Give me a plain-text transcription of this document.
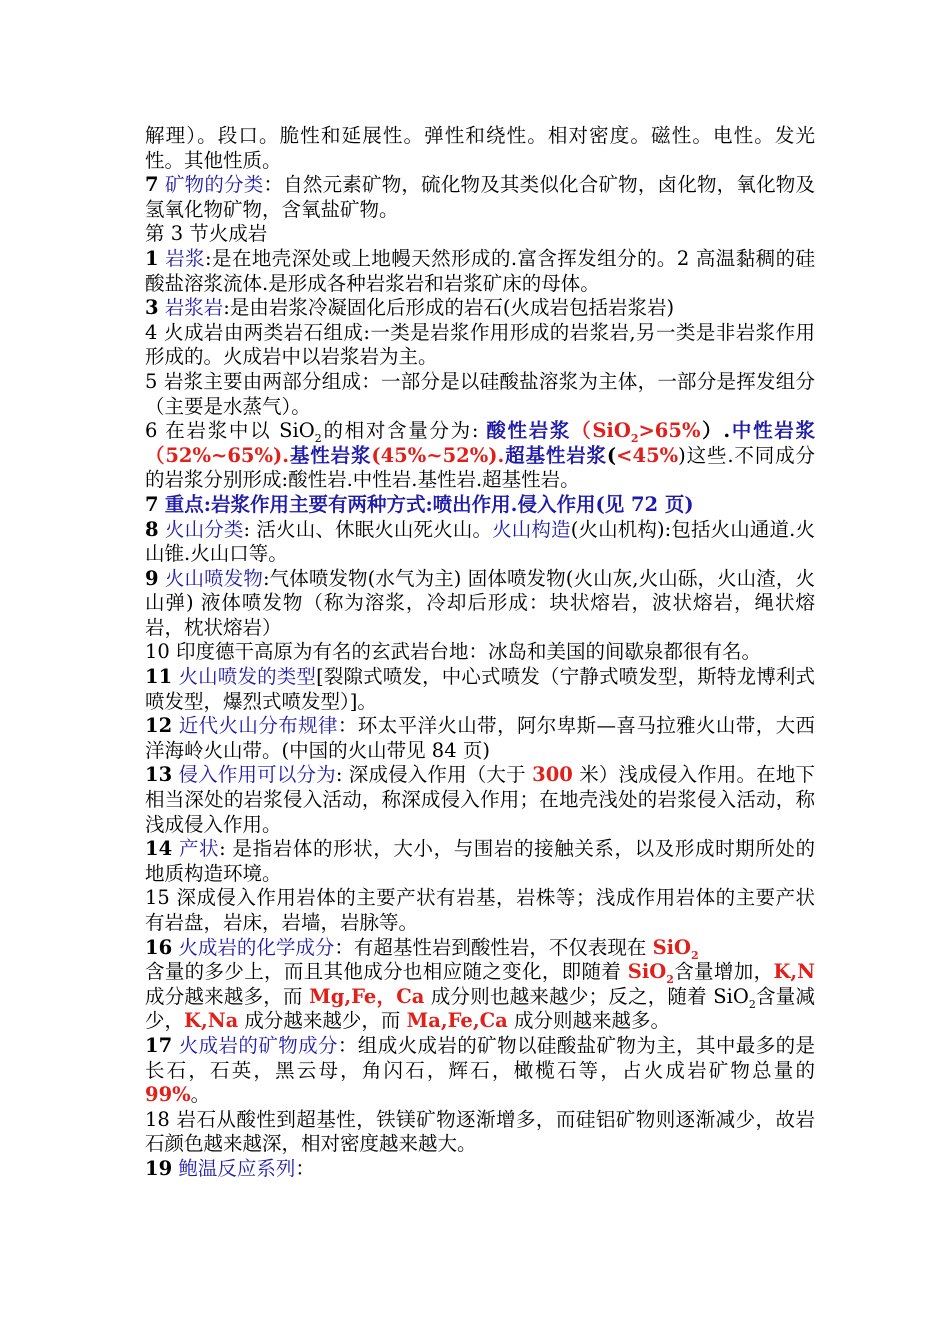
解理）。段口。脆性和延展性。弹性和绕性。相对密度。磁性。电性。发光性。其他性质。

7 矿物的分类：自然元素矿物，硫化物及其类似化合矿物，卤化物，氧化物及氢氧化物矿物，含氧盐矿物。

第 3 节火成岩

1 岩浆:是在地壳深处或上地幔天然形成的.富含挥发组分的。2 高温黏稠的硅酸盐溶浆流体.是形成各种岩浆岩和岩浆矿床的母体。

3 岩浆岩:是由岩浆冷凝固化后形成的岩石(火成岩包括岩浆岩)

4 火成岩由两类岩石组成:一类是岩浆作用形成的岩浆岩,另一类是非岩浆作用形成的。火成岩中以岩浆岩为主。

5 岩浆主要由两部分组成：一部分是以硅酸盐溶浆为主体，一部分是挥发组分（主要是水蒸气）。

6 在岩浆中以 SiO$_2$的相对含量分为: 酸性岩浆（SiO$_2$>65%）.中性岩浆（52%~65%).基性岩浆(45%~52%).超基性岩浆(<45%)这些.不同成分的岩浆分别形成:酸性岩.中性岩.基性岩.超基性岩。

7 重点:岩浆作用主要有两种方式:喷出作用.侵入作用(见 72 页)

8 火山分类: 活火山、休眠火山死火山。火山构造(火山机构):包括火山通道.火山锥.火山口等。

9 火山喷发物:气体喷发物(水气为主) 固体喷发物(火山灰,火山砾，火山渣，火山弹) 液体喷发物（称为溶浆，冷却后形成：块状熔岩，波状熔岩，绳状熔岩，枕状熔岩）

10 印度德干高原为有名的玄武岩台地：冰岛和美国的间歇泉都很有名。

11 火山喷发的类型[裂隙式喷发，中心式喷发（宁静式喷发型，斯特龙博利式喷发型，爆烈式喷发型）]。

12 近代火山分布规律：环太平洋火山带，阿尔卑斯—喜马拉雅火山带，大西洋海岭火山带。(中国的火山带见 84 页)

13 侵入作用可以分为: 深成侵入作用（大于 300 米）浅成侵入作用。在地下相当深处的岩浆侵入活动，称深成侵入作用；在地壳浅处的岩浆侵入活动，称浅成侵入作用。

14 产状: 是指岩体的形状，大小，与围岩的接触关系，以及形成时期所处的地质构造环境。

15 深成侵入作用岩体的主要产状有岩基，岩株等；浅成作用岩体的主要产状有岩盘，岩床，岩墙，岩脉等。

16 火成岩的化学成分：有超基性岩到酸性岩，不仅表现在 SiO$_2$
含量的多少上，而且其他成分也相应随之变化，即随着 SiO$_2$含量增加，K,N 成分越来越多，而 Mg,Fe，Ca 成分则也越来越少；反之，随着 SiO$_2$含量减少，K,Na 成分越来越少，而 Ma,Fe,Ca 成分则越来越多。

17 火成岩的矿物成分：组成火成岩的矿物以硅酸盐矿物为主，其中最多的是长石，石英，黑云母，角闪石，辉石，橄榄石等，占火成岩矿物总量的 99%。

18 岩石从酸性到超基性，铁镁矿物逐渐增多，而硅铝矿物则逐渐减少，故岩石颜色越来越深，相对密度越来越大。

19 鲍温反应系列：
